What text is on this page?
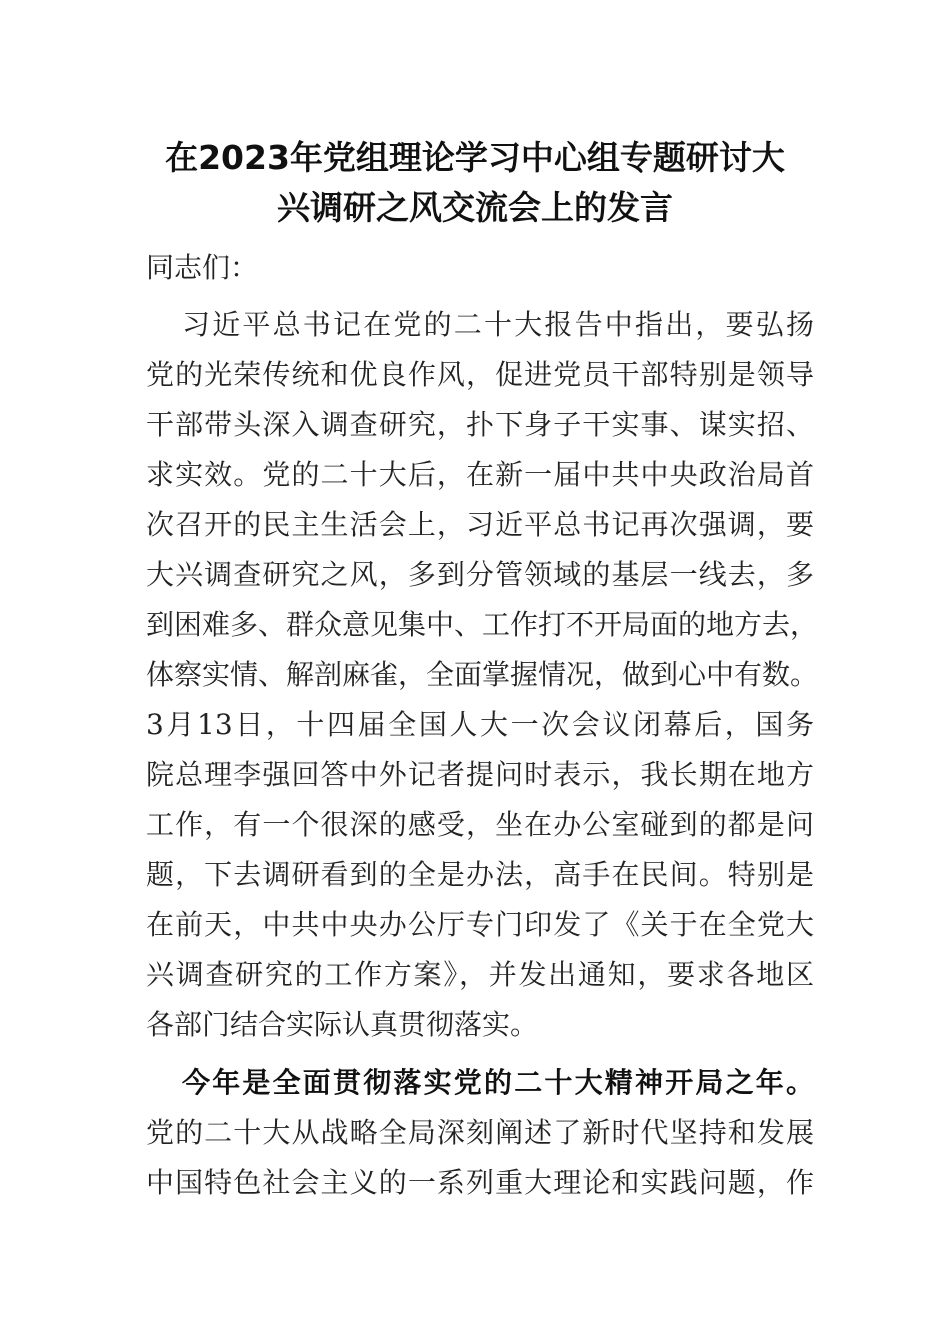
在2023年党组理论学习中心组专题研讨大
兴调研之风交流会上的发言
同志们：
习近平总书记在党的二十大报告中指出，要弘扬
党的光荣传统和优良作风，促进党员干部特别是领导
干部带头深入调查研究，扑下身子干实事、谋实招、
求实效。党的二十大后，在新一届中共中央政治局首
次召开的民主生活会上，习近平总书记再次强调，要
大兴调查研究之风，多到分管领域的基层一线去，多
到困难多、群众意见集中、工作打不开局面的地方去，
体察实情、解剖麻雀，全面掌握情况，做到心中有数。
3月13日，十四届全国人大一次会议闭幕后，国务
院总理李强回答中外记者提问时表示，我长期在地方
工作，有一个很深的感受，坐在办公室碰到的都是问
题，下去调研看到的全是办法，高手在民间。特别是
在前天，中共中央办公厅专门印发了《关于在全党大
兴调查研究的工作方案》，并发出通知，要求各地区
各部门结合实际认真贯彻落实。
今年是全面贯彻落实党的二十大精神开局之年。
党的二十大从战略全局深刻阐述了新时代坚持和发展
中国特色社会主义的一系列重大理论和实践问题，作
